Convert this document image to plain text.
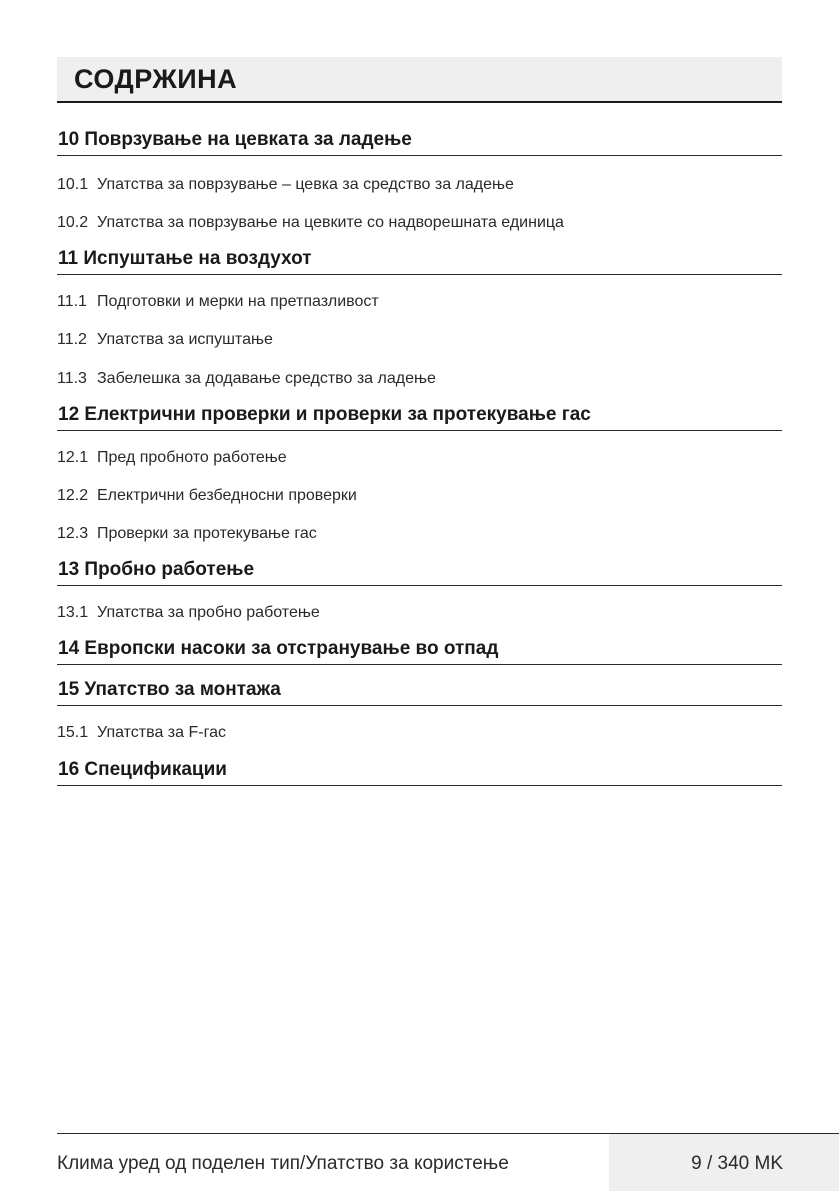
СОДРЖИНА
10 Поврзување на цевката за ладење
10.1 Упатства за поврзување – цевка за средство за ладење
10.2 Упатства за поврзување на цевките со надворешната единица
11 Испуштање на воздухот
11.1 Подготовки и мерки на претпазливост
11.2 Упатства за испуштање
11.3 Забелешка за додавање средство за ладење
12 Електрични проверки и проверки за протекување гас
12.1 Пред пробното работење
12.2 Електрични безбедносни проверки
12.3 Проверки за протекување гас
13 Пробно работење
13.1 Упатства за пробно работење
14 Европски насоки за отстранување во отпад
15 Упатство за монтажа
15.1 Упатства за F-гас
16 Спецификации
Клима уред од поделен тип/Упатство за користење	9 / 340 MK
